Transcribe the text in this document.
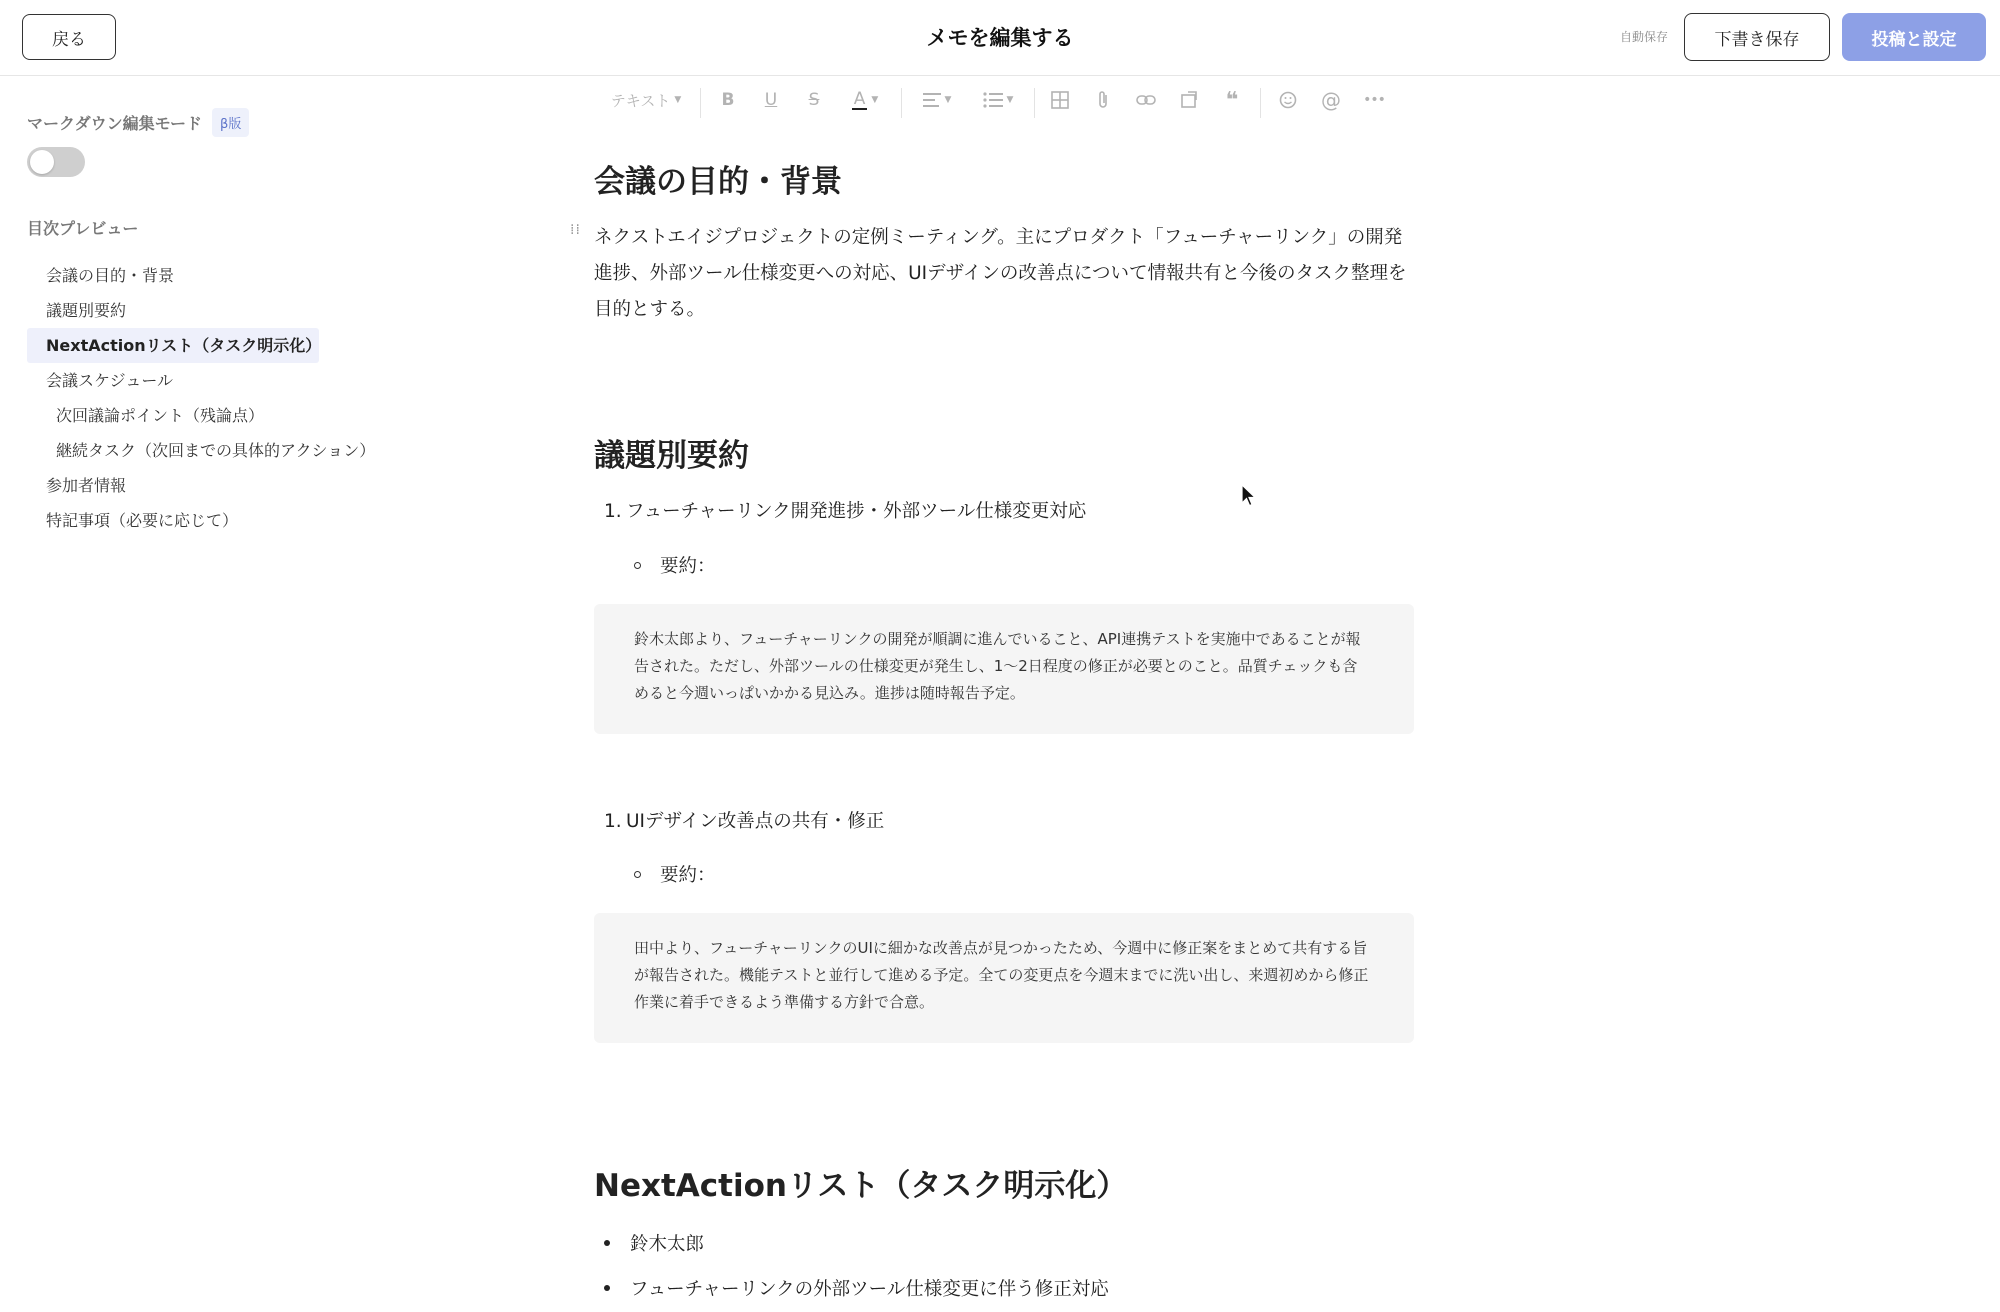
戻る	メモを編集する	自動保存	下書き保存	投稿と設定
マークダウン編集モード	β版
目次プレビュー
会議の目的・背景
議題別要約
NextActionリスト（タスク明示化）
会議スケジュール
次回議論ポイント（残論点）
継続タスク（次回までの具体的アクション）
参加者情報
特記事項（必要に応じて）
テキスト ▼	B	U	S	A ▼	▼	▼	❝	@ •••
会議の目的・背景
⁞⁞ ネクストエイジプロジェクトの定例ミーティング。主にプロダクト「フューチャーリンク」の開発進捗、外部ツール仕様変更への対応、UIデザインの改善点について情報共有と今後のタスク整理を目的とする。

議題別要約
1. フューチャーリンク開発進捗・外部ツール仕様変更対応
要約：
鈴木太郎より、フューチャーリンクの開発が順調に進んでいること、API連携テストを実施中であることが報告された。ただし、外部ツールの仕様変更が発生し、1〜2日程度の修正が必要とのこと。品質チェックも含めると今週いっぱいかかる見込み。進捗は随時報告予定。
1. UIデザイン改善点の共有・修正
要約：
田中より、フューチャーリンクのUIに細かな改善点が見つかったため、今週中に修正案をまとめて共有する旨が報告された。機能テストと並行して進める予定。全ての変更点を今週末までに洗い出し、来週初めから修正作業に着手できるよう準備する方針で合意。
NextActionリスト（タスク明示化）
鈴木太郎
フューチャーリンクの外部ツール仕様変更に伴う修正対応
